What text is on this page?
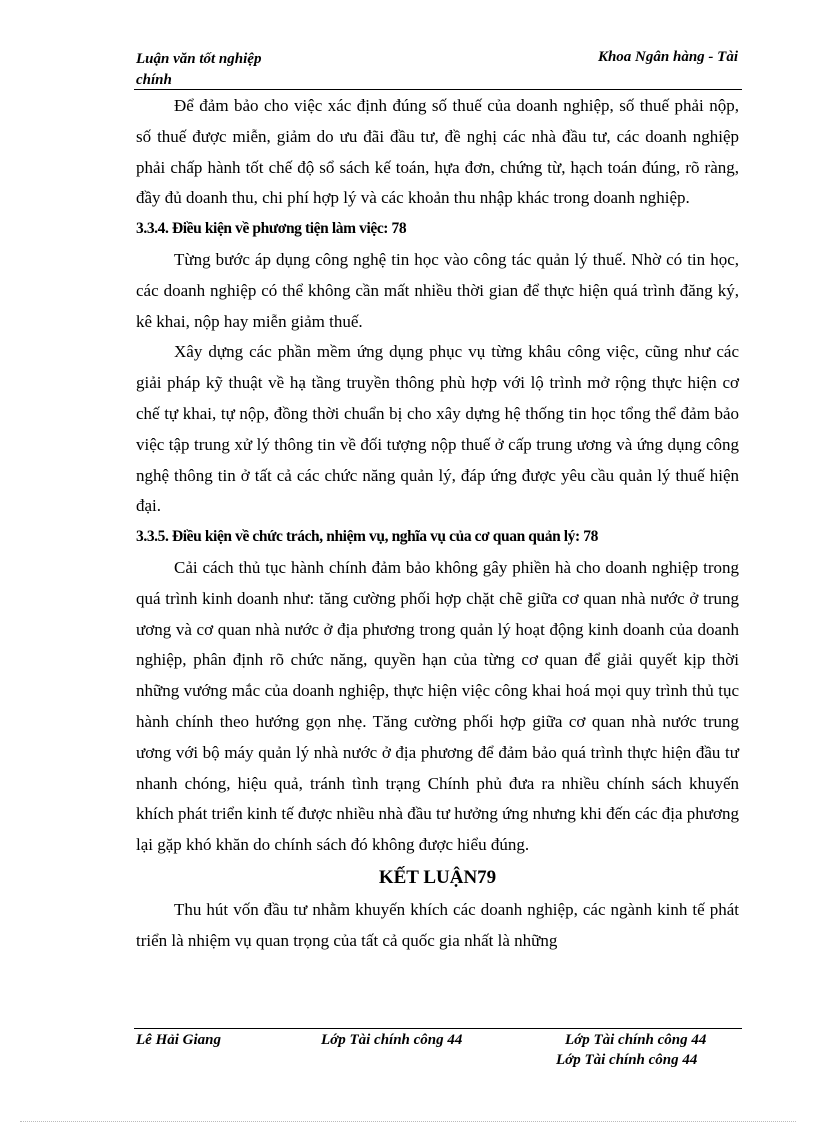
Luận văn tốt nghiệp
chính
Khoa Ngân hàng - Tài

Để đảm bảo cho việc xác định đúng số thuế của doanh nghiệp, số thuế phải nộp, số thuế được miễn, giảm do ưu đãi đầu tư, đề nghị các nhà đầu tư, các doanh nghiệp phải chấp hành tốt chế độ sổ sách kế toán, hựa đơn, chứng từ, hạch toán đúng, rõ ràng, đầy đủ doanh thu, chi phí hợp lý và các khoản thu nhập khác trong doanh nghiệp.

3.3.4. Điều kiện về phương tiện làm việc: 78

Từng bước áp dụng công nghệ tin học vào công tác quản lý thuế. Nhờ có tin học, các doanh nghiệp có thể không cần mất nhiều thời gian để thực hiện quá trình đăng ký, kê khai, nộp hay miễn giảm thuế.

Xây dựng các phần mềm ứng dụng phục vụ từng khâu công việc, cũng như các giải pháp kỹ thuật về hạ tầng truyền thông phù hợp với lộ trình mở rộng thực hiện cơ chế tự khai, tự nộp, đồng thời chuẩn bị cho xây dựng hệ thống tin học tổng thể đảm bảo việc tập trung xử lý thông tin về đối tượng nộp thuế ở cấp trung ương và ứng dụng công nghệ thông tin ở tất cả các chức năng quản lý, đáp ứng được yêu cầu quản lý thuế hiện đại.

3.3.5. Điều kiện về chức trách, nhiệm vụ, nghĩa vụ của cơ quan quản lý: 78

Cải cách thủ tục hành chính đảm bảo không gây phiền hà cho doanh nghiệp trong quá trình kinh doanh như: tăng cường phối hợp chặt chẽ giữa cơ quan nhà nước ở trung ương và cơ quan nhà nước ở địa phương trong quản lý hoạt động kinh doanh của doanh nghiệp, phân định rõ chức năng, quyền hạn của từng cơ quan để giải quyết kịp thời những vướng mắc của doanh nghiệp, thực hiện việc công khai hoá mọi quy trình thủ tục hành chính theo hướng gọn nhẹ. Tăng cường phối hợp giữa cơ quan nhà nước trung ương với bộ máy quản lý nhà nước ở địa phương để đảm bảo quá trình thực hiện đầu tư nhanh chóng, hiệu quả, tránh tình trạng Chính phủ đưa ra nhiều chính sách khuyến khích phát triển kinh tế được nhiều nhà đầu tư hưởng ứng nhưng khi đến các địa phương lại gặp khó khăn do chính sách đó không được hiểu đúng.

KẾT LUẬN79

Thu hút vốn đầu tư nhằm khuyến khích các doanh nghiệp, các ngành kinh tế phát triển là nhiệm vụ quan trọng của tất cả quốc gia nhất là những

Lê Hải Giang	Lớp Tài chính công 44	Lớp Tài chính công 44
Lớp Tài chính công 44
